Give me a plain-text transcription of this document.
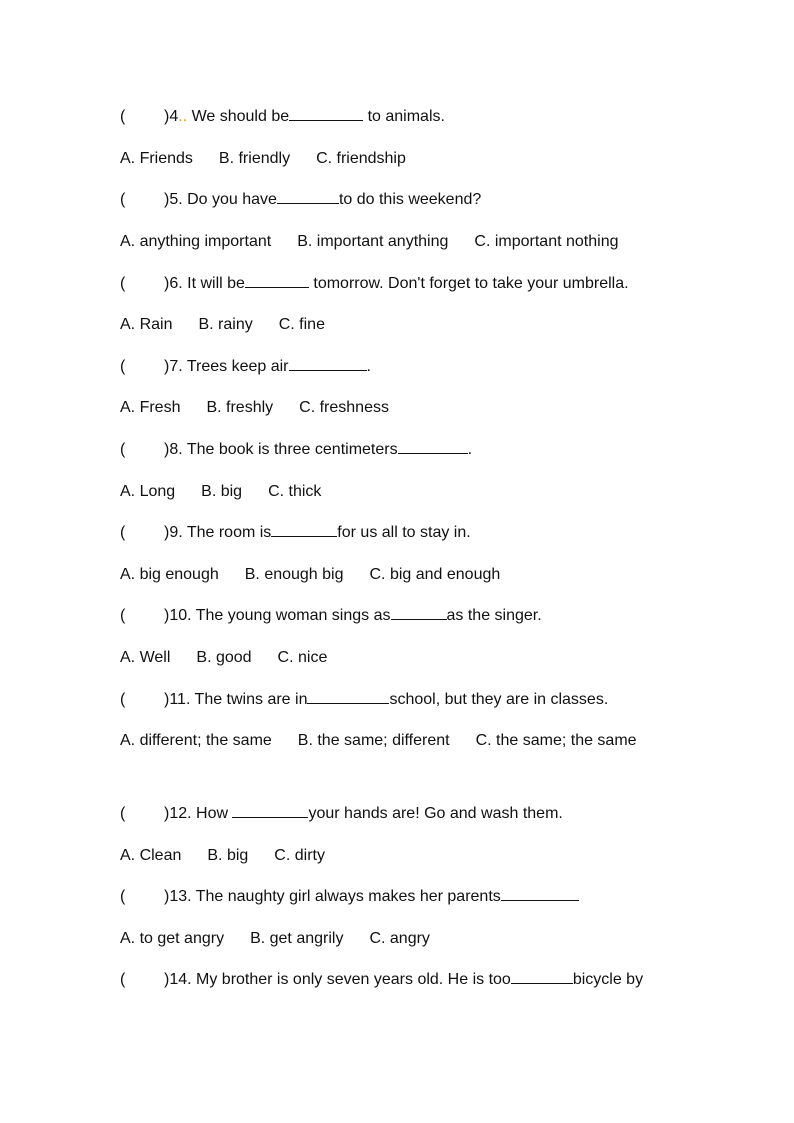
( )4.. We should be	to animals.
A. Friends B. friendly C. friendship
( )5. Do you have	to do this weekend?
A. anything important B. important anything C. important nothing
( )6. It will be	tomorrow. Don't forget to take your umbrella.
A. Rain B. rainy C. fine
( )7. Trees keep air	.
A. Fresh B. freshly C. freshness
( )8. The book is three centimeters	.
A. Long B. big C. thick
( )9. The room is	for us all to stay in.
A. big enough B. enough big C. big and enough
( )10. The young woman sings as	as the singer.
A. Well B. good C. nice
( )11. The twins are in	school, but they are in classes.
A. different; the same B. the same; different C. the same; the same
( )12. How	your hands are! Go and wash them.
A. Clean B. big C. dirty
( )13. The naughty girl always makes her parents
A. to get angry B. get angrily C. angry
( )14. My brother is only seven years old. He is too	bicycle by
